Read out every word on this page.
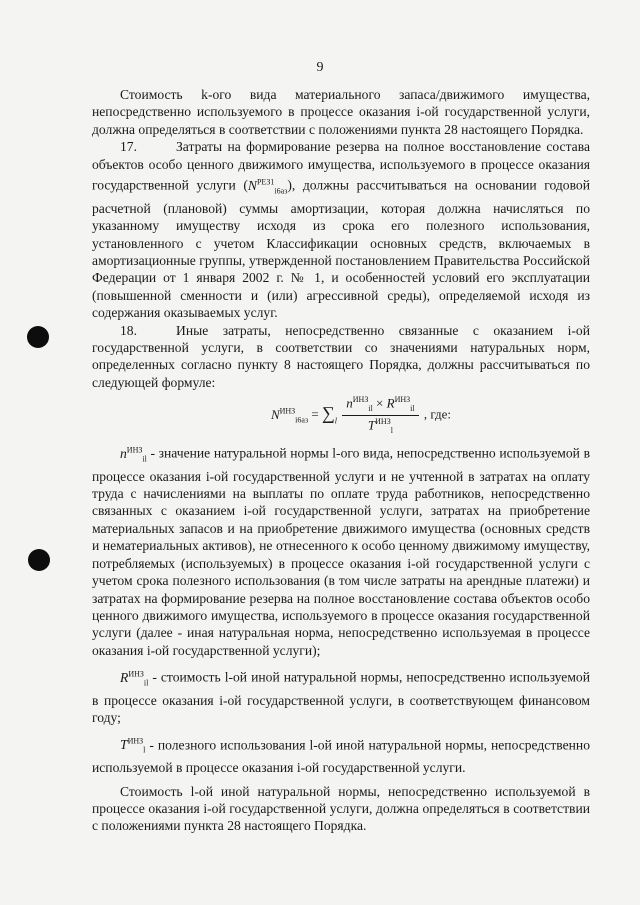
9

Стоимость k-ого вида материального запаса/движимого имущества, непосредственно используемого в процессе оказания i-ой государственной услуги, должна определяться в соответствии с положениями пункта 28 настоящего Порядка.

17.	Затраты на формирование резерва на полное восстановление состава объектов особо ценного движимого имущества, используемого в процессе оказания государственной услуги $(N^{РЕЗ1}_{i6аз})$, должны рассчитываться на основании годовой расчетной (плановой) суммы амортизации, которая должна начисляться по указанному имуществу исходя из срока его полезного использования, установленного с учетом Классификации основных средств, включаемых в амортизационные группы, утвержденной постановлением Правительства Российской Федерации от 1 января 2002 г. № 1, и особенностей условий его эксплуатации (повышенной сменности и (или) агрессивной среды), определяемой исходя из содержания оказываемых услуг.

18.	Иные затраты, непосредственно связанные с оказанием i-ой государственной услуги, в соответствии со значениями натуральных норм, определенных согласно пункту 8 настоящего Порядка, должны рассчитываться по следующей формуле:

$N^{ИНЗ}_{i6аз} = \sum_l \frac{n^{ИНЗ}_{il} \times R^{ИНЗ}_{il}}{T^{ИНЗ}_l}$ , где:

$n^{ИНЗ}_{il}$ - значение натуральной нормы l-ого вида, непосредственно используемой в процессе оказания i-ой государственной услуги и не учтенной в затратах на оплату труда с начислениями на выплаты по оплате труда работников, непосредственно связанных с оказанием i-ой государственной услуги, затратах на приобретение материальных запасов и на приобретение движимого имущества (основных средств и нематериальных активов), не отнесенного к особо ценному движимому имуществу, потребляемых (используемых) в процессе оказания i-ой государственной услуги с учетом срока полезного использования (в том числе затраты на арендные платежи) и затратах на формирование резерва на полное восстановление состава объектов особо ценного движимого имущества, используемого в процессе оказания государственной услуги (далее - иная натуральная норма, непосредственно используемая в процессе оказания i-ой государственной услуги);

$R^{ИНЗ}_{il}$ - стоимость l-ой иной натуральной нормы, непосредственно используемой в процессе оказания i-ой государственной услуги, в соответствующем финансовом году;

$T^{ИНЗ}_l$ - полезного использования l-ой иной натуральной нормы, непосредственно используемой в процессе оказания i-ой государственной услуги.

Стоимость l-ой иной натуральной нормы, непосредственно используемой в процессе оказания i-ой государственной услуги, должна определяться в соответствии с положениями пункта 28 настоящего Порядка.
